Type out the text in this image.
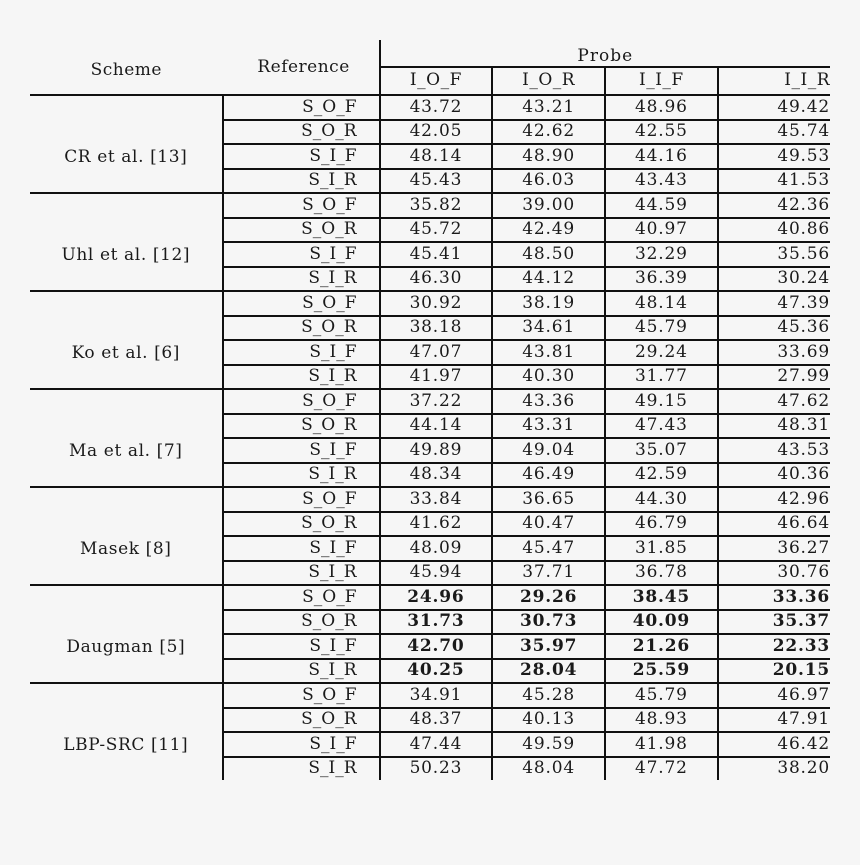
Scheme	Reference	Probe			
		I_O_F	I_O_R	I_I_F	I_I_R
CR et al. [13]	S_O_F	43.72	43.21	48.96	49.42
	S_O_R	42.05	42.62	42.55	45.74
	S_I_F	48.14	48.90	44.16	49.53
	S_I_R	45.43	46.03	43.43	41.53
Uhl et al. [12]	S_O_F	35.82	39.00	44.59	42.36
	S_O_R	45.72	42.49	40.97	40.86
	S_I_F	45.41	48.50	32.29	35.56
	S_I_R	46.30	44.12	36.39	30.24
Ko et al. [6]	S_O_F	30.92	38.19	48.14	47.39
	S_O_R	38.18	34.61	45.79	45.36
	S_I_F	47.07	43.81	29.24	33.69
	S_I_R	41.97	40.30	31.77	27.99
Ma et al. [7]	S_O_F	37.22	43.36	49.15	47.62
	S_O_R	44.14	43.31	47.43	48.31
	S_I_F	49.89	49.04	35.07	43.53
	S_I_R	48.34	46.49	42.59	40.36
Masek [8]	S_O_F	33.84	36.65	44.30	42.96
	S_O_R	41.62	40.47	46.79	46.64
	S_I_F	48.09	45.47	31.85	36.27
	S_I_R	45.94	37.71	36.78	30.76
Daugman [5]	S_O_F	24.96	29.26	38.45	33.36
	S_O_R	31.73	30.73	40.09	35.37
	S_I_F	42.70	35.97	21.26	22.33
	S_I_R	40.25	28.04	25.59	20.15
LBP-SRC [11]	S_O_F	34.91	45.28	45.79	46.97
	S_O_R	48.37	40.13	48.93	47.91
	S_I_F	47.44	49.59	41.98	46.42
	S_I_R	50.23	48.04	47.72	38.20
